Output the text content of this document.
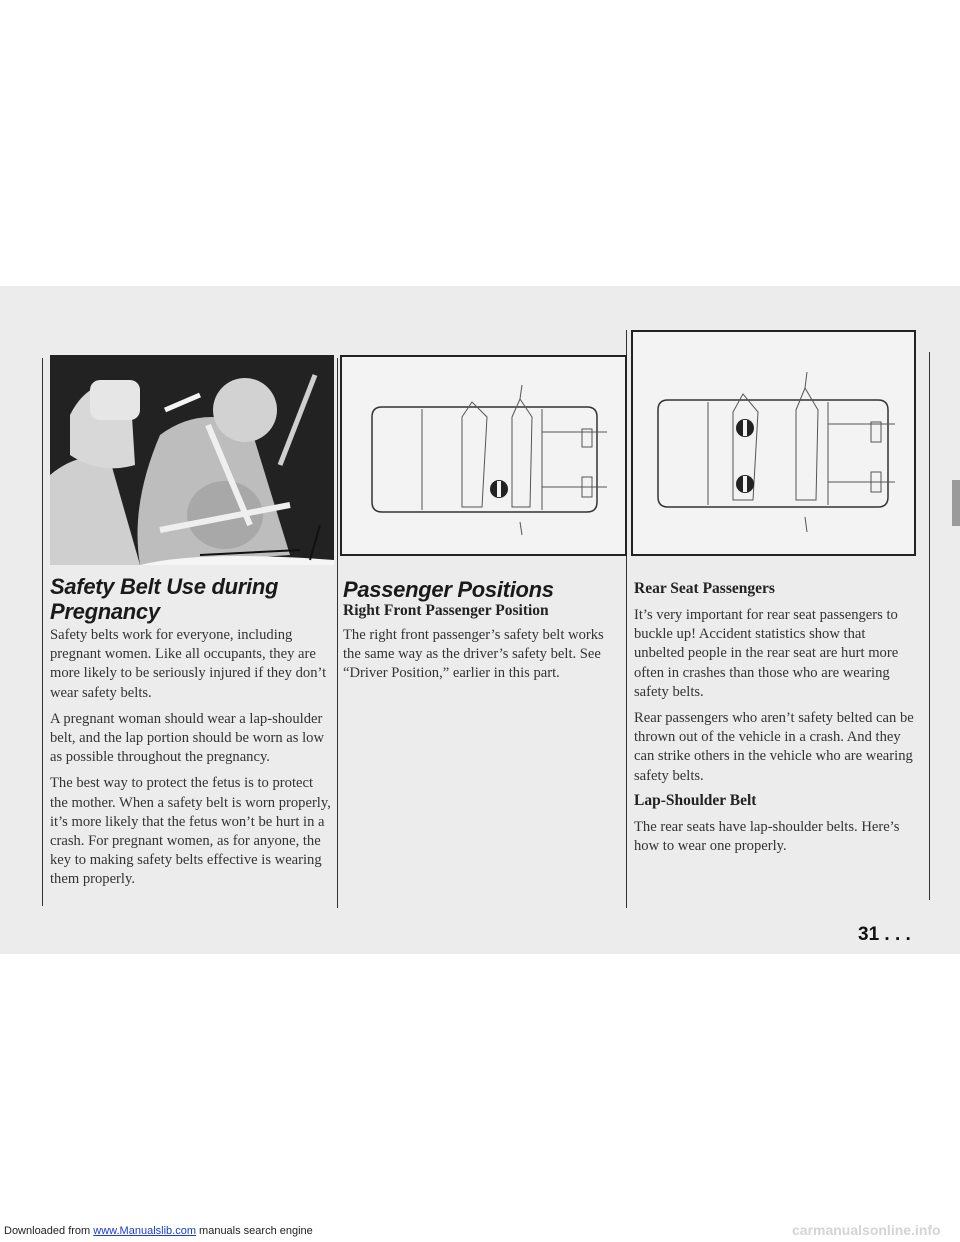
Safety Belt Use during
Pregnancy

Safety belts work for everyone, including pregnant women. Like all occupants, they are more likely to be seriously injured if they don’t wear safety belts.

A pregnant woman should wear a lap-shoulder belt, and the lap portion should be worn as low as possible throughout the pregnancy.

The best way to protect the fetus is to protect the mother. When a safety belt is worn properly, it’s more likely that the fetus won’t be hurt in a crash. For pregnant women, as for anyone, the key to making safety belts effective is wearing them properly.

Passenger Positions
Right Front Passenger Position

The right front passenger’s safety belt works the same way as the driver’s safety belt. See “Driver Position,” earlier in this part.

Rear Seat Passengers

It’s very important for rear seat passengers to buckle up! Accident statistics show that unbelted people in the rear seat are hurt more often in crashes than those who are wearing safety belts.

Rear passengers who aren’t safety belted can be thrown out of the vehicle in a crash. And they can strike others in the vehicle who are wearing safety belts.

Lap-Shoulder Belt

The rear seats have lap-shoulder belts. Here’s how to wear one properly.

31 . . .
Downloaded from www.Manualslib.com manuals search engine	carmanualsonline.info
